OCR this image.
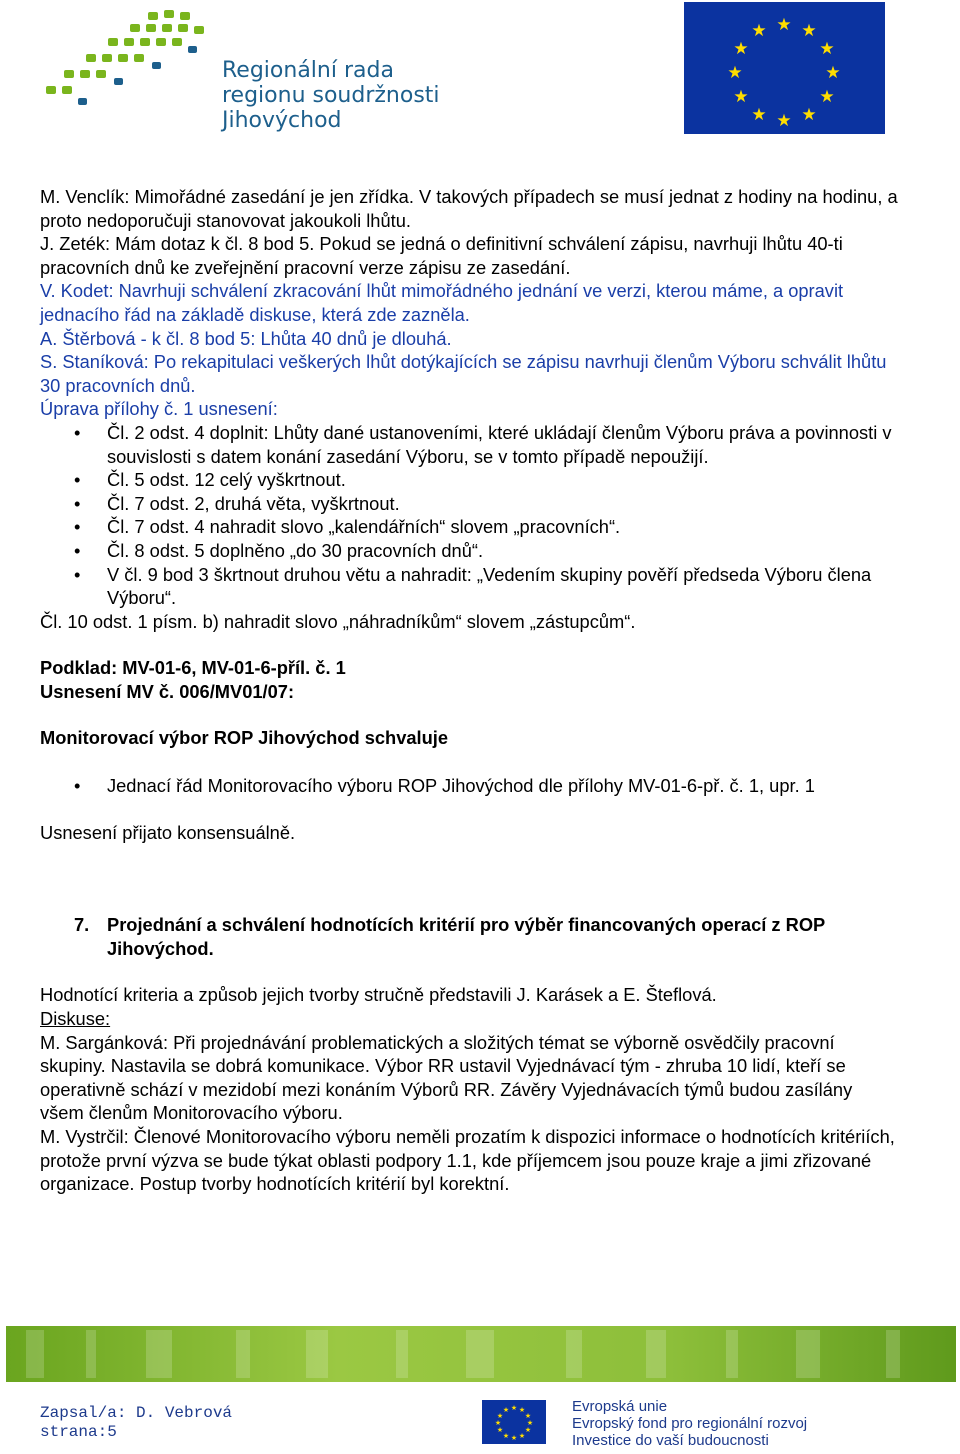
Regionální rada
regionu soudržnosti
Jihovýchod
★ ★
★
★
★
★
★
★
★
★
★
★

M. Venclík: Mimořádné zasedání je jen zřídka. V takových případech se musí jednat z hodiny na hodinu, a proto nedoporučuji stanovovat jakoukoli lhůtu.

J. Zeték: Mám dotaz k čl. 8 bod 5. Pokud se jedná o definitivní schválení zápisu, navrhuji lhůtu 40-ti pracovních dnů ke zveřejnění pracovní verze zápisu ze zasedání.

V. Kodet: Navrhuji schválení zkracování lhůt mimořádného jednání ve verzi, kterou máme, a opravit jednacího řád na základě diskuse, která zde zazněla.

A. Štěrbová - k čl. 8 bod 5: Lhůta 40 dnů je dlouhá.

S. Staníková: Po rekapitulaci veškerých lhůt dotýkajících se zápisu navrhuji členům Výboru schválit lhůtu 30 pracovních dnů.

Úprava přílohy č. 1 usnesení:

• Čl. 2 odst. 4 doplnit: Lhůty dané ustanoveními, které ukládají členům Výboru práva a povinnosti v souvislosti s datem konání zasedání Výboru, se v tomto případě nepoužijí.
• Čl. 5 odst. 12 celý vyškrtnout.
• Čl. 7 odst. 2, druhá věta, vyškrtnout.
• Čl. 7 odst. 4 nahradit slovo „kalendářních“ slovem „pracovních“.
• Čl. 8 odst. 5 doplněno „do 30 pracovních dnů“.
• V čl. 9 bod 3 škrtnout druhou větu a nahradit: „Vedením skupiny pověří předseda Výboru člena Výboru“.

Čl. 10 odst. 1 písm. b) nahradit slovo „náhradníkům“ slovem „zástupcům“.

Podklad: MV-01-6, MV-01-6-příl. č. 1

Usnesení MV č. 006/MV01/07:

Monitorovací výbor ROP Jihovýchod schvaluje

• Jednací řád Monitorovacího výboru ROP Jihovýchod dle přílohy MV-01-6-př. č. 1, upr. 1

Usnesení přijato konsensuálně.

7. Projednání a schválení hodnotících kritérií pro výběr financovaných operací z ROP Jihovýchod.

Hodnotící kriteria a způsob jejich tvorby stručně představili J. Karásek a E. Šteflová.

Diskuse:

M. Sargánková: Při projednávání problematických a složitých témat se výborně osvědčily pracovní skupiny. Nastavila se dobrá komunikace. Výbor RR ustavil Vyjednávací tým - zhruba 10 lidí, kteří se operativně schází v mezidobí mezi konáním Výborů RR. Závěry Vyjednávacích týmů budou zasílány všem členům Monitorovacího výboru.

M. Vystrčil: Členové Monitorovacího výboru neměli prozatím k dispozici informace o hodnotících kritériích, protože první výzva se bude týkat oblasti podpory 1.1, kde příjemcem jsou pouze kraje a jimi zřizované organizace. Postup tvorby hodnotících kritérií byl korektní.

Zapsal/a: D. Vebrová
strana:5
★ ★
★
★
★
★
★
★
★
★
★
★	Evropská unie
Evropský fond pro regionální rozvoj
Investice do vaší budoucnosti
